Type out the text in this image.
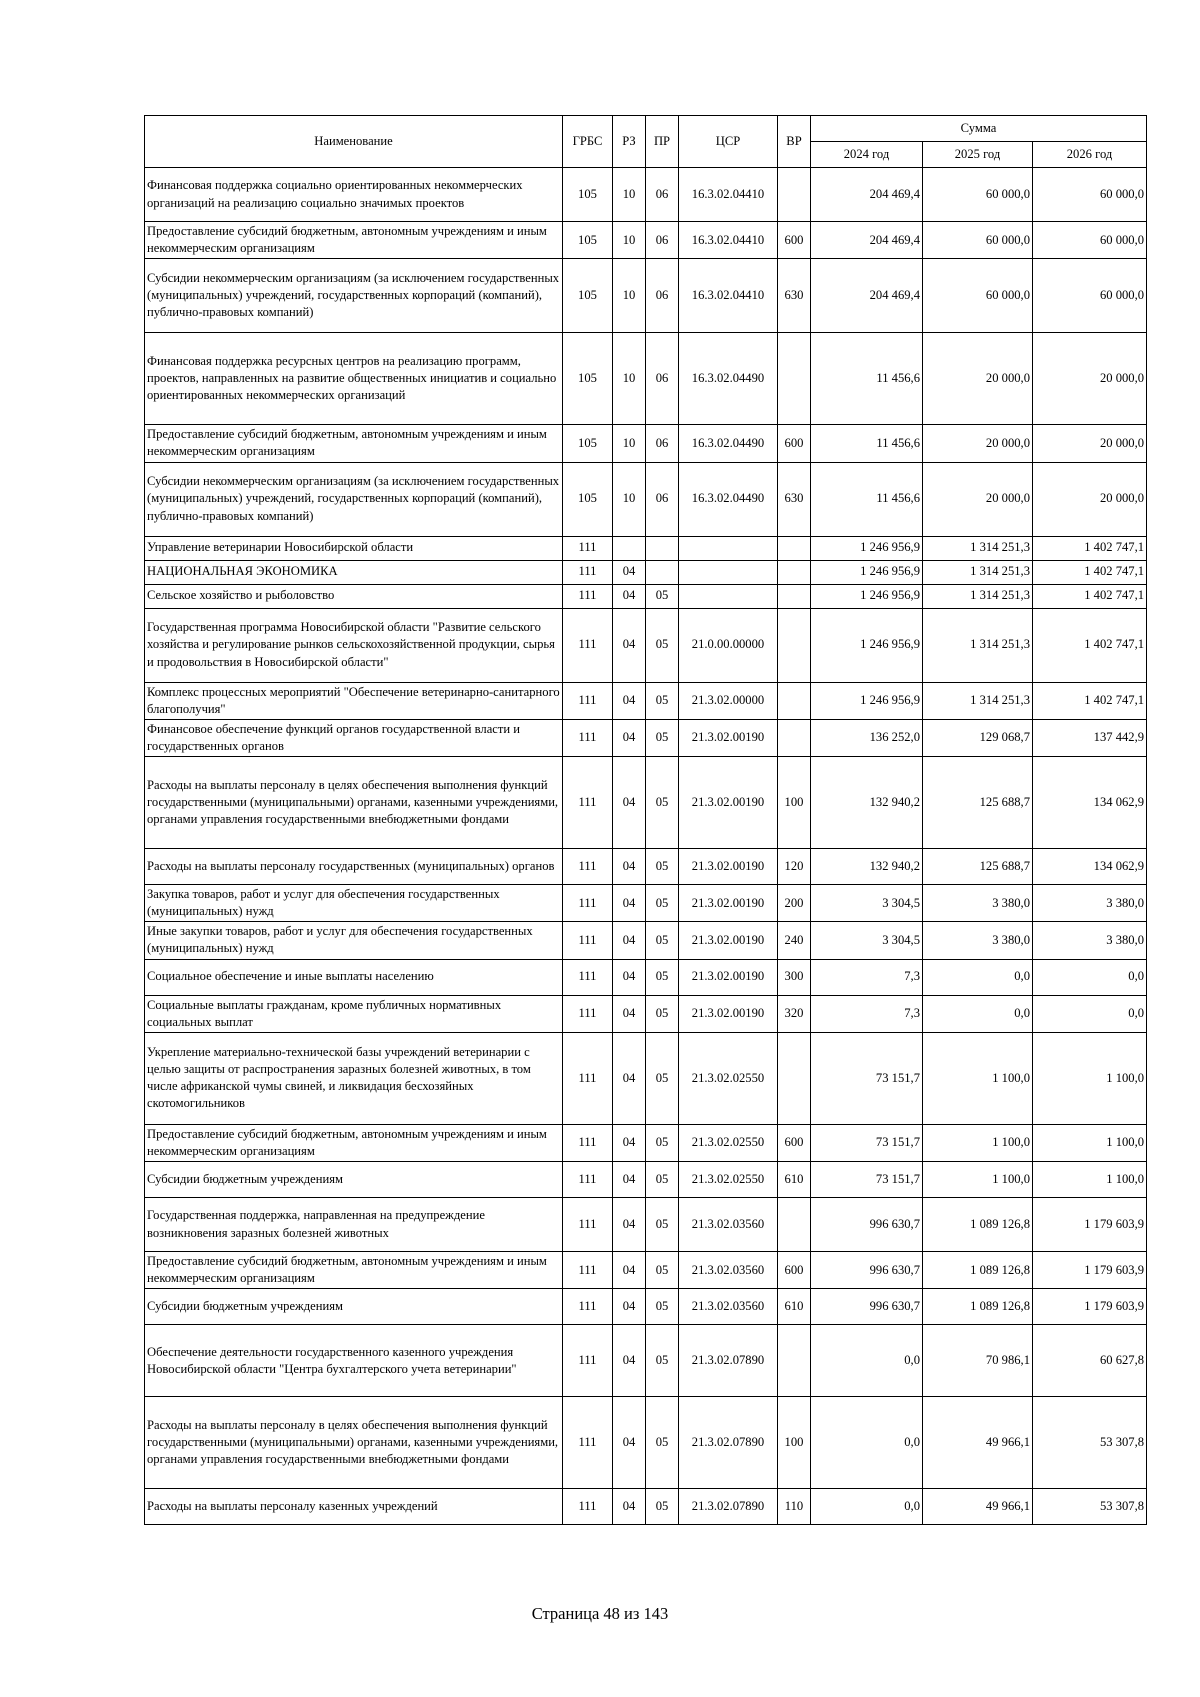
Наименование	ГРБС	РЗ	ПР	ЦСР	ВР	Сумма		
						2024 год	2025 год	2026 год
Финансовая поддержка социально ориентированных некоммерческих организаций на реализацию социально значимых проектов	105	10	06	16.3.02.04410		204 469,4	60 000,0	60 000,0
Предоставление субсидий бюджетным, автономным учреждениям и иным некоммерческим организациям	105	10	06	16.3.02.04410	600	204 469,4	60 000,0	60 000,0
Субсидии некоммерческим организациям (за исключением государственных (муниципальных) учреждений, государственных корпораций (компаний), публично-правовых компаний)	105	10	06	16.3.02.04410	630	204 469,4	60 000,0	60 000,0
Финансовая поддержка ресурсных центров на реализацию программ, проектов, направленных на развитие общественных инициатив и социально ориентированных некоммерческих организаций	105	10	06	16.3.02.04490		11 456,6	20 000,0	20 000,0
Предоставление субсидий бюджетным, автономным учреждениям и иным некоммерческим организациям	105	10	06	16.3.02.04490	600	11 456,6	20 000,0	20 000,0
Субсидии некоммерческим организациям (за исключением государственных (муниципальных) учреждений, государственных корпораций (компаний), публично-правовых компаний)	105	10	06	16.3.02.04490	630	11 456,6	20 000,0	20 000,0
Управление ветеринарии Новосибирской области	111					1 246 956,9	1 314 251,3	1 402 747,1
НАЦИОНАЛЬНАЯ ЭКОНОМИКА	111	04				1 246 956,9	1 314 251,3	1 402 747,1
Сельское хозяйство и рыболовство	111	04	05			1 246 956,9	1 314 251,3	1 402 747,1
Государственная программа Новосибирской области "Развитие сельского хозяйства и регулирование рынков сельскохозяйственной продукции, сырья и продовольствия в Новосибирской области"	111	04	05	21.0.00.00000		1 246 956,9	1 314 251,3	1 402 747,1
Комплекс процессных мероприятий "Обеспечение ветеринарно-санитарного благополучия"	111	04	05	21.3.02.00000		1 246 956,9	1 314 251,3	1 402 747,1
Финансовое обеспечение функций органов государственной власти и государственных органов	111	04	05	21.3.02.00190		136 252,0	129 068,7	137 442,9
Расходы на выплаты персоналу в целях обеспечения выполнения функций государственными (муниципальными) органами, казенными учреждениями, органами управления государственными внебюджетными фондами	111	04	05	21.3.02.00190	100	132 940,2	125 688,7	134 062,9
Расходы на выплаты персоналу государственных (муниципальных) органов	111	04	05	21.3.02.00190	120	132 940,2	125 688,7	134 062,9
Закупка товаров, работ и услуг для обеспечения государственных (муниципальных) нужд	111	04	05	21.3.02.00190	200	3 304,5	3 380,0	3 380,0
Иные закупки товаров, работ и услуг для обеспечения государственных (муниципальных) нужд	111	04	05	21.3.02.00190	240	3 304,5	3 380,0	3 380,0
Социальное обеспечение и иные выплаты населению	111	04	05	21.3.02.00190	300	7,3	0,0	0,0
Социальные выплаты гражданам, кроме публичных нормативных социальных выплат	111	04	05	21.3.02.00190	320	7,3	0,0	0,0
Укрепление материально-технической базы учреждений ветеринарии с целью защиты от распространения заразных болезней животных, в том числе африканской чумы свиней, и ликвидация бесхозяйных скотомогильников	111	04	05	21.3.02.02550		73 151,7	1 100,0	1 100,0
Предоставление субсидий бюджетным, автономным учреждениям и иным некоммерческим организациям	111	04	05	21.3.02.02550	600	73 151,7	1 100,0	1 100,0
Субсидии бюджетным учреждениям	111	04	05	21.3.02.02550	610	73 151,7	1 100,0	1 100,0
Государственная поддержка, направленная на предупреждение возникновения заразных болезней животных	111	04	05	21.3.02.03560		996 630,7	1 089 126,8	1 179 603,9
Предоставление субсидий бюджетным, автономным учреждениям и иным некоммерческим организациям	111	04	05	21.3.02.03560	600	996 630,7	1 089 126,8	1 179 603,9
Субсидии бюджетным учреждениям	111	04	05	21.3.02.03560	610	996 630,7	1 089 126,8	1 179 603,9
Обеспечение деятельности государственного казенного учреждения Новосибирской области "Центра бухгалтерского учета ветеринарии"	111	04	05	21.3.02.07890		0,0	70 986,1	60 627,8
Расходы на выплаты персоналу в целях обеспечения выполнения функций государственными (муниципальными) органами, казенными учреждениями, органами управления государственными внебюджетными фондами	111	04	05	21.3.02.07890	100	0,0	49 966,1	53 307,8
Расходы на выплаты персоналу казенных учреждений	111	04	05	21.3.02.07890	110	0,0	49 966,1	53 307,8
Страница 48 из 143
